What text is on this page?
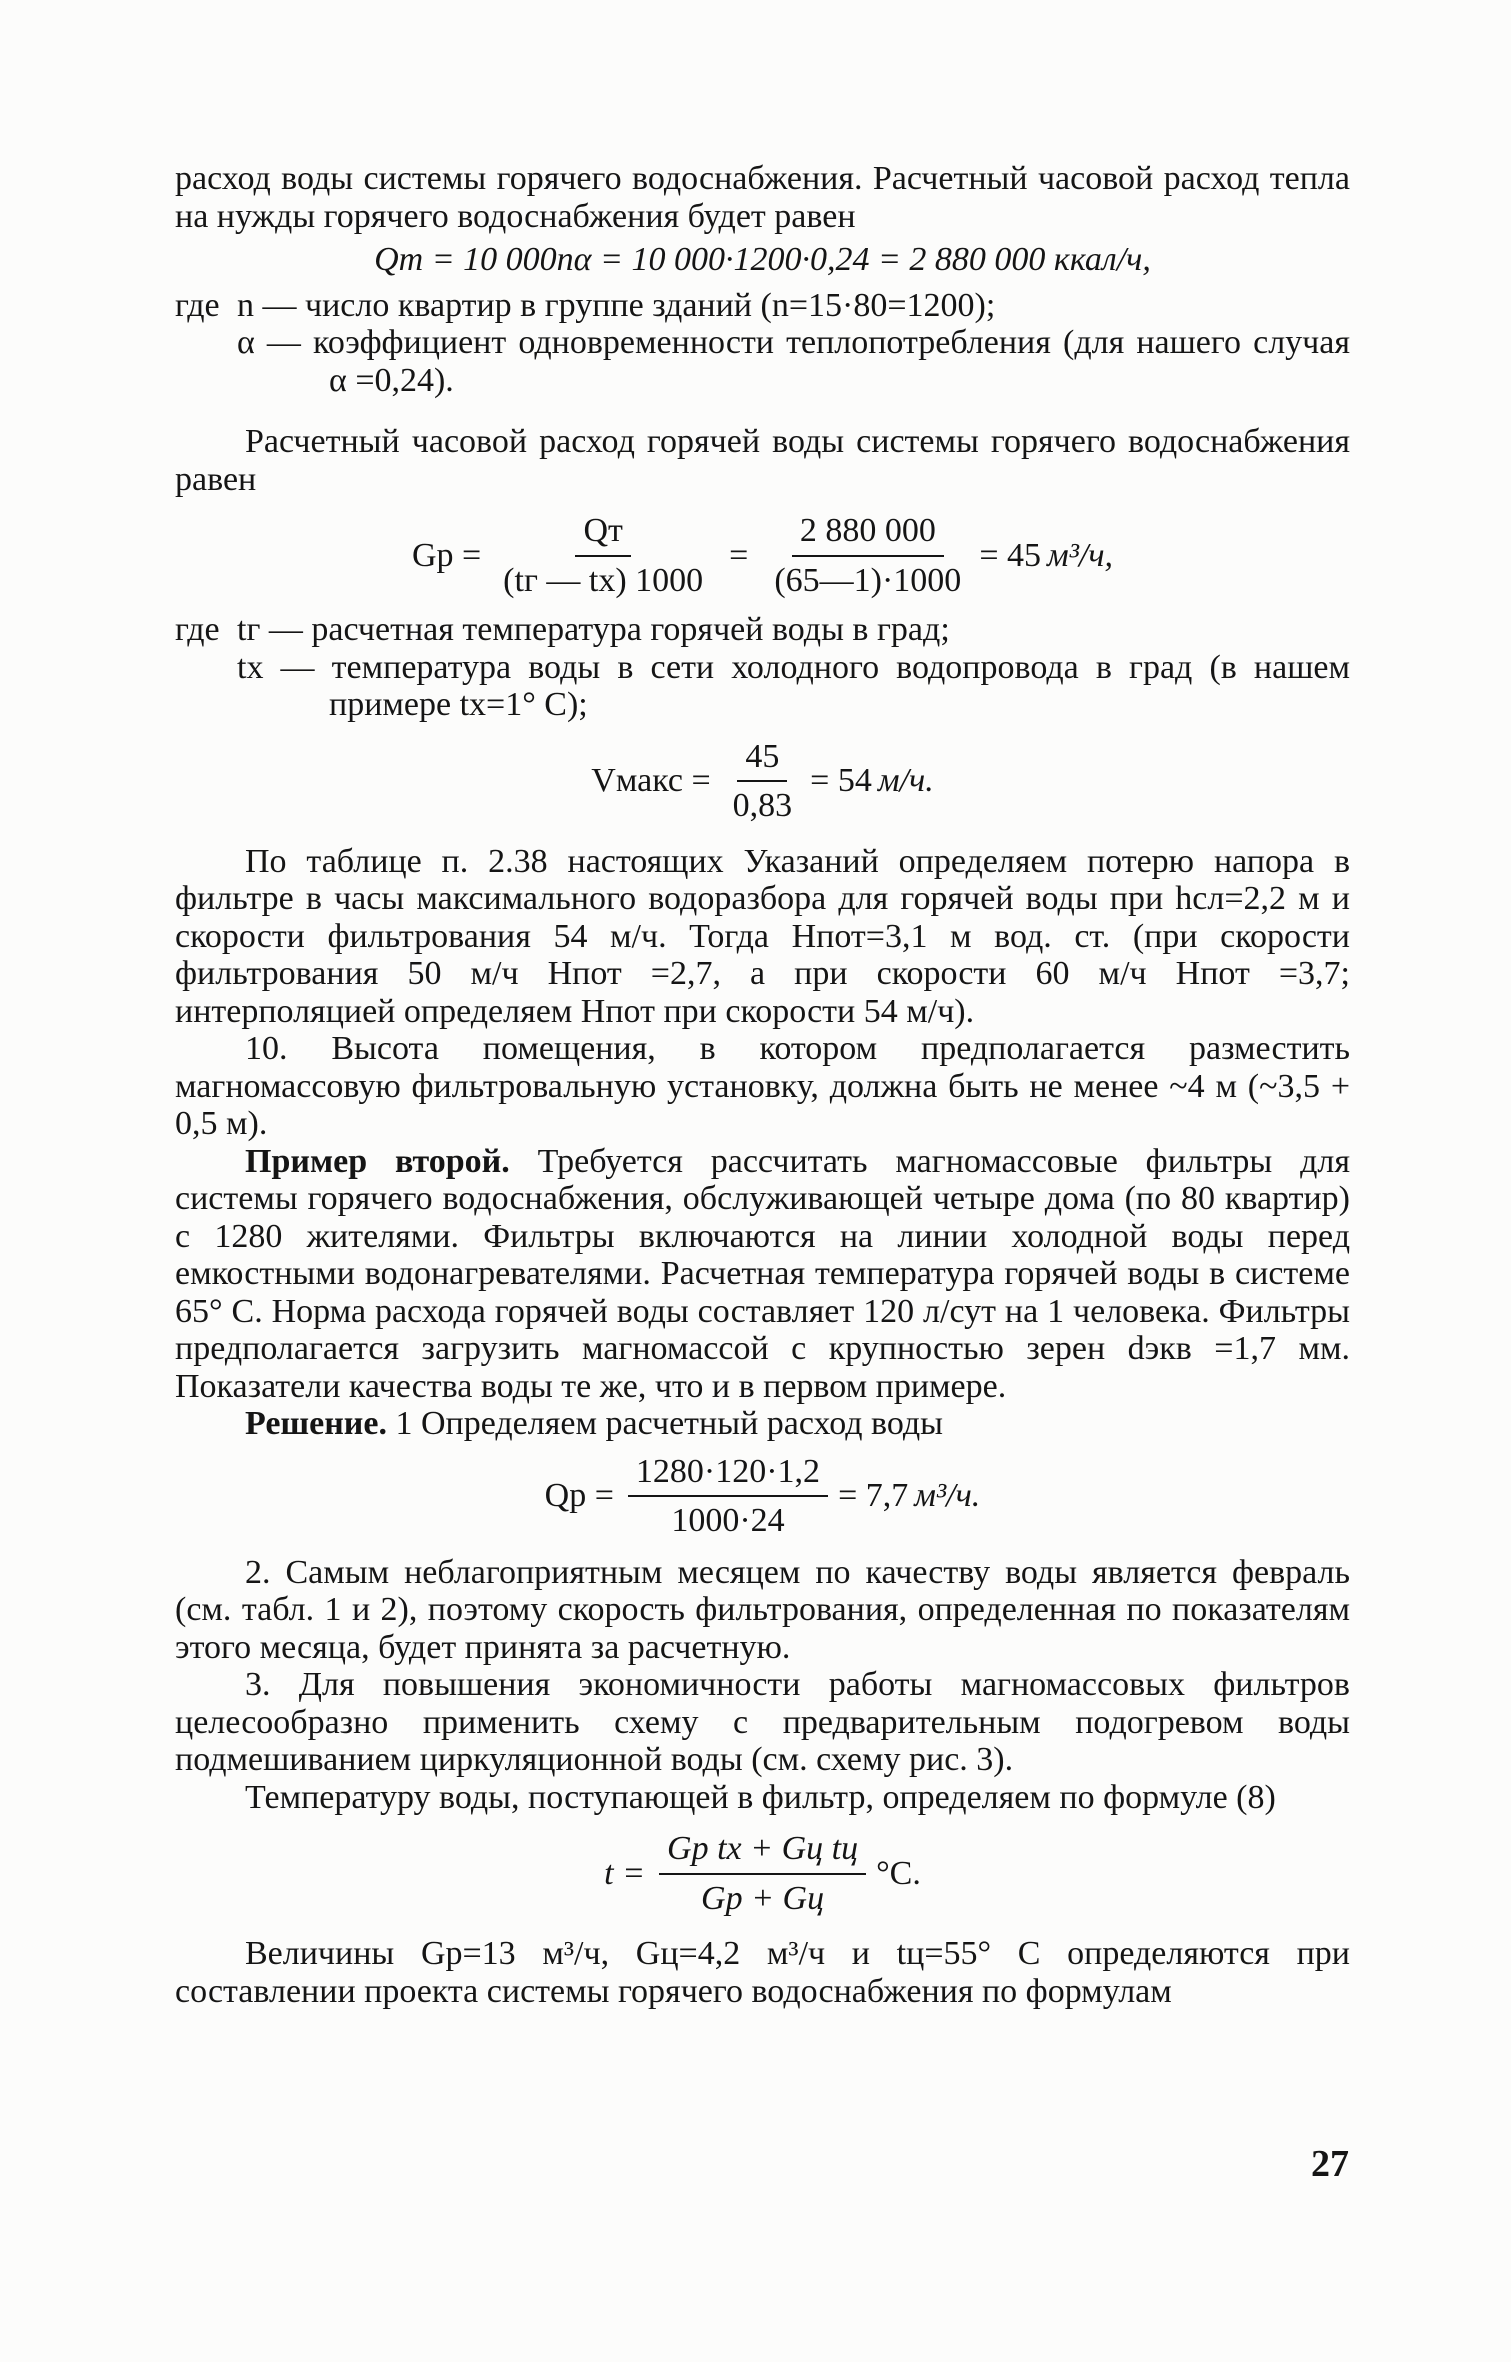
расход воды системы горячего водоснабжения. Расчетный часовой расход тепла на нужды горячего водоснабжения будет равен

Qт = 10 000nα = 10 000·1200·0,24 = 2 880 000 ккал/ч,
где n — число квартир в группе зданий (n=15·80=1200);

α — коэффициент одновременности теплопотребления (для нашего случая α =0,24).

Расчетный часовой расход горячей воды системы горячего водоснабжения равен

Gр = $\frac{Qт}{(tг — tх) 1000} = \frac{2 880 000}{(65—1)\cdot 1000} = 45$ м³/ч,
где tг — расчетная температура горячей воды в град;

tх — температура воды в сети холодного водопровода в град (в нашем примере tх=1° С);

Vмакс = $\frac{45}{0,83} = 54$ м/ч.

По таблице п. 2.38 настоящих Указаний определяем потерю напора в фильтре в часы максимального водоразбора для горячей воды при hсл=2,2 м и скорости фильтрования 54 м/ч. Тогда Hпот=3,1 м вод. ст. (при скорости фильтрования 50 м/ч Hпот =2,7, а при скорости 60 м/ч Hпот =3,7; интерполяцией определяем Hпот при скорости 54 м/ч).

10. Высота помещения, в котором предполагается разместить магномассовую фильтровальную установку, должна быть не менее ~4 м (~3,5 + 0,5 м).

Пример второй. Требуется рассчитать магномассовые фильтры для системы горячего водоснабжения, обслуживающей четыре дома (по 80 квартир) с 1280 жителями. Фильтры включаются на линии холодной воды перед емкостными водонагревателями. Расчетная температура горячей воды в системе 65° С. Норма расхода горячей воды составляет 120 л/сут на 1 человека. Фильтры предполагается загрузить магномассой с крупностью зерен dэкв =1,7 мм. Показатели качества воды те же, что и в первом примере.

Решение. 1 Определяем расчетный расход воды

Qр = $\frac{1280\cdot 120\cdot 1,2}{1000\cdot 24} = 7,7$ м³/ч.

2. Самым неблагоприятным месяцем по качеству воды является февраль (см. табл. 1 и 2), поэтому скорость фильтрования, определенная по показателям этого месяца, будет принята за расчетную.

3. Для повышения экономичности работы магномассовых фильтров целесообразно применить схему с предварительным подогревом воды подмешиванием циркуляционной воды (см. схему рис. 3).

Температуру воды, поступающей в фильтр, определяем по формуле (8)

$t = \frac{\text{Gр tх + Gц tц}}{Gр + Gц} ^\circ С$.

Величины Gр=13 м³/ч, Gц=4,2 м³/ч и tц=55° С определяются при составлении проекта системы горячего водоснабжения по формулам

27
